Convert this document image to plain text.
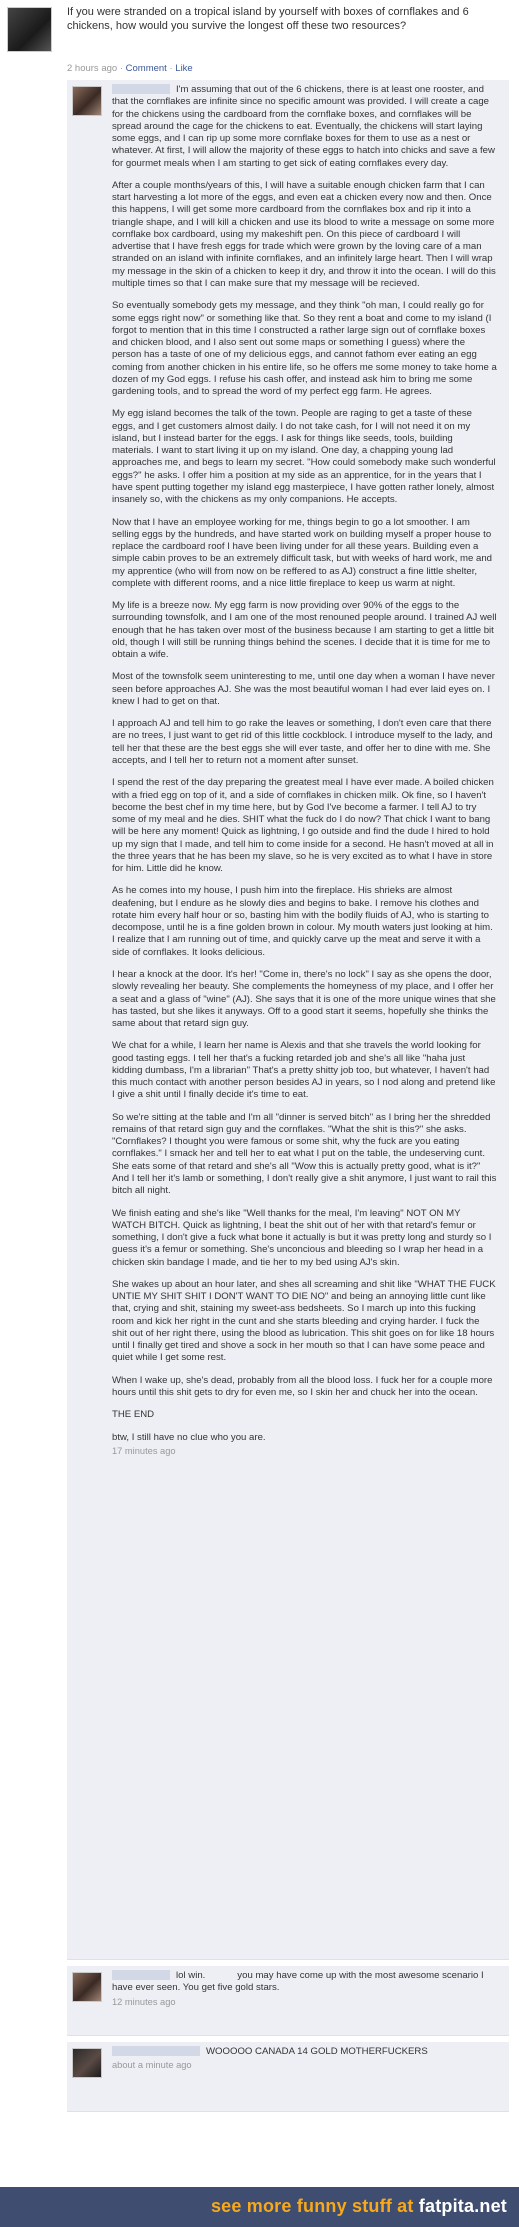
If you were stranded on a tropical island by yourself with boxes of cornflakes and 6 chickens, how would you survive the longest off these two resources?
2 hours ago · Comment · Like
I'm assuming that out of the 6 chickens, there is at least one rooster, and that the cornflakes are infinite since no specific amount was provided. I will create a cage for the chickens using the cardboard from the cornflake boxes, and cornflakes will be spread around the cage for the chickens to eat. Eventually, the chickens will start laying some eggs, and I can rip up some more cornflake boxes for them to use as a nest or whatever. At first, I will allow the majority of these eggs to hatch into chicks and save a few for gourmet meals when I am starting to get sick of eating cornflakes every day.
After a couple months/years of this, I will have a suitable enough chicken farm that I can start harvesting a lot more of the eggs, and even eat a chicken every now and then. Once this happens, I will get some more cardboard from the cornflakes box and rip it into a triangle shape, and I will kill a chicken and use its blood to write a message on some more cornflake box cardboard, using my makeshift pen. On this piece of cardboard I will advertise that I have fresh eggs for trade which were grown by the loving care of a man stranded on an island with infinite cornflakes, and an infinitely large heart. Then I will wrap my message in the skin of a chicken to keep it dry, and throw it into the ocean. I will do this multiple times so that I can make sure that my message will be recieved.
So eventually somebody gets my message, and they think "oh man, I could really go for some eggs right now" or something like that. So they rent a boat and come to my island (I forgot to mention that in this time I constructed a rather large sign out of cornflake boxes and chicken blood, and I also sent out some maps or something I guess) where the person has a taste of one of my delicious eggs, and cannot fathom ever eating an egg coming from another chicken in his entire life, so he offers me some money to take home a dozen of my God eggs. I refuse his cash offer, and instead ask him to bring me some gardening tools, and to spread the word of my perfect egg farm. He agrees.
My egg island becomes the talk of the town. People are raging to get a taste of these eggs, and I get customers almost daily. I do not take cash, for I will not need it on my island, but I instead barter for the eggs. I ask for things like seeds, tools, building materials. I want to start living it up on my island. One day, a chapping young lad approaches me, and begs to learn my secret. "How could somebody make such wonderful eggs?" he asks. I offer him a position at my side as an apprentice, for in the years that I have spent putting together my island egg masterpiece, I have gotten rather lonely, almost insanely so, with the chickens as my only companions. He accepts.
Now that I have an employee working for me, things begin to go a lot smoother. I am selling eggs by the hundreds, and have started work on building myself a proper house to replace the cardboard roof I have been living under for all these years. Building even a simple cabin proves to be an extremely difficult task, but with weeks of hard work, me and my apprentice (who will from now on be reffered to as AJ) construct a fine little shelter, complete with different rooms, and a nice little fireplace to keep us warm at night.
My life is a breeze now. My egg farm is now providing over 90% of the eggs to the surrounding townsfolk, and I am one of the most renouned people around. I trained AJ well enough that he has taken over most of the business because I am starting to get a little bit old, though I will still be running things behind the scenes. I decide that it is time for me to obtain a wife.
Most of the townsfolk seem uninteresting to me, until one day when a woman I have never seen before approaches AJ. She was the most beautiful woman I had ever laid eyes on. I knew I had to get on that.
I approach AJ and tell him to go rake the leaves or something, I don't even care that there are no trees, I just want to get rid of this little cockblock. I introduce myself to the lady, and tell her that these are the best eggs she will ever taste, and offer her to dine with me. She accepts, and I tell her to return not a moment after sunset.
I spend the rest of the day preparing the greatest meal I have ever made. A boiled chicken with a fried egg on top of it, and a side of cornflakes in chicken milk. Ok fine, so I haven't become the best chef in my time here, but by God I've become a farmer. I tell AJ to try some of my meal and he dies. SHIT what the fuck do I do now? That chick I want to bang will be here any moment! Quick as lightning, I go outside and find the dude I hired to hold up my sign that I made, and tell him to come inside for a second. He hasn't moved at all in the three years that he has been my slave, so he is very excited as to what I have in store for him. Little did he know.
As he comes into my house, I push him into the fireplace. His shrieks are almost deafening, but I endure as he slowly dies and begins to bake. I remove his clothes and rotate him every half hour or so, basting him with the bodily fluids of AJ, who is starting to decompose, until he is a fine golden brown in colour. My mouth waters just looking at him. I realize that I am running out of time, and quickly carve up the meat and serve it with a side of cornflakes. It looks delicious.
I hear a knock at the door. It's her! "Come in, there's no lock" I say as she opens the door, slowly revealing her beauty. She complements the homeyness of my place, and I offer her a seat and a glass of "wine" (AJ). She says that it is one of the more unique wines that she has tasted, but she likes it anyways. Off to a good start it seems, hopefully she thinks the same about that retard sign guy.
We chat for a while, I learn her name is Alexis and that she travels the world looking for good tasting eggs. I tell her that's a fucking retarded job and she's all like "haha just kidding dumbass, I'm a librarian" That's a pretty shitty job too, but whatever, I haven't had this much contact with another person besides AJ in years, so I nod along and pretend like I give a shit until I finally decide it's time to eat.
So we're sitting at the table and I'm all "dinner is served bitch" as I bring her the shredded remains of that retard sign guy and the cornflakes. "What the shit is this?" she asks. "Cornflakes? I thought you were famous or some shit, why the fuck are you eating cornflakes." I smack her and tell her to eat what I put on the table, the undeserving cunt. She eats some of that retard and she's all "Wow this is actually pretty good, what is it?" And I tell her it's lamb or something, I don't really give a shit anymore, I just want to rail this bitch all night.
We finish eating and she's like "Well thanks for the meal, I'm leaving" NOT ON MY WATCH BITCH. Quick as lightning, I beat the shit out of her with that retard's femur or something, I don't give a fuck what bone it actually is but it was pretty long and sturdy so I guess it's a femur or something. She's unconcious and bleeding so I wrap her head in a chicken skin bandage I made, and tie her to my bed using AJ's skin.
She wakes up about an hour later, and shes all screaming and shit like "WHAT THE FUCK UNTIE MY SHIT SHIT I DON'T WANT TO DIE NO" and being an annoying little cunt like that, crying and shit, staining my sweet-ass bedsheets. So I march up into this fucking room and kick her right in the cunt and she starts bleeding and crying harder. I fuck the shit out of her right there, using the blood as lubrication. This shit goes on for like 18 hours until I finally get tired and shove a sock in her mouth so that I can have some peace and quiet while I get some rest.
When I wake up, she's dead, probably from all the blood loss. I fuck her for a couple more hours until this shit gets to dry for even me, so I skin her and chuck her into the ocean.
THE END
btw, I still have no clue who you are.
17 minutes ago
lol win.            you may have come up with the most awesome scenario I have ever seen. You get five gold stars.
12 minutes ago
WOOOOO CANADA 14 GOLD MOTHERFUCKERS
about a minute ago
see more funny stuff at fatpita.net
